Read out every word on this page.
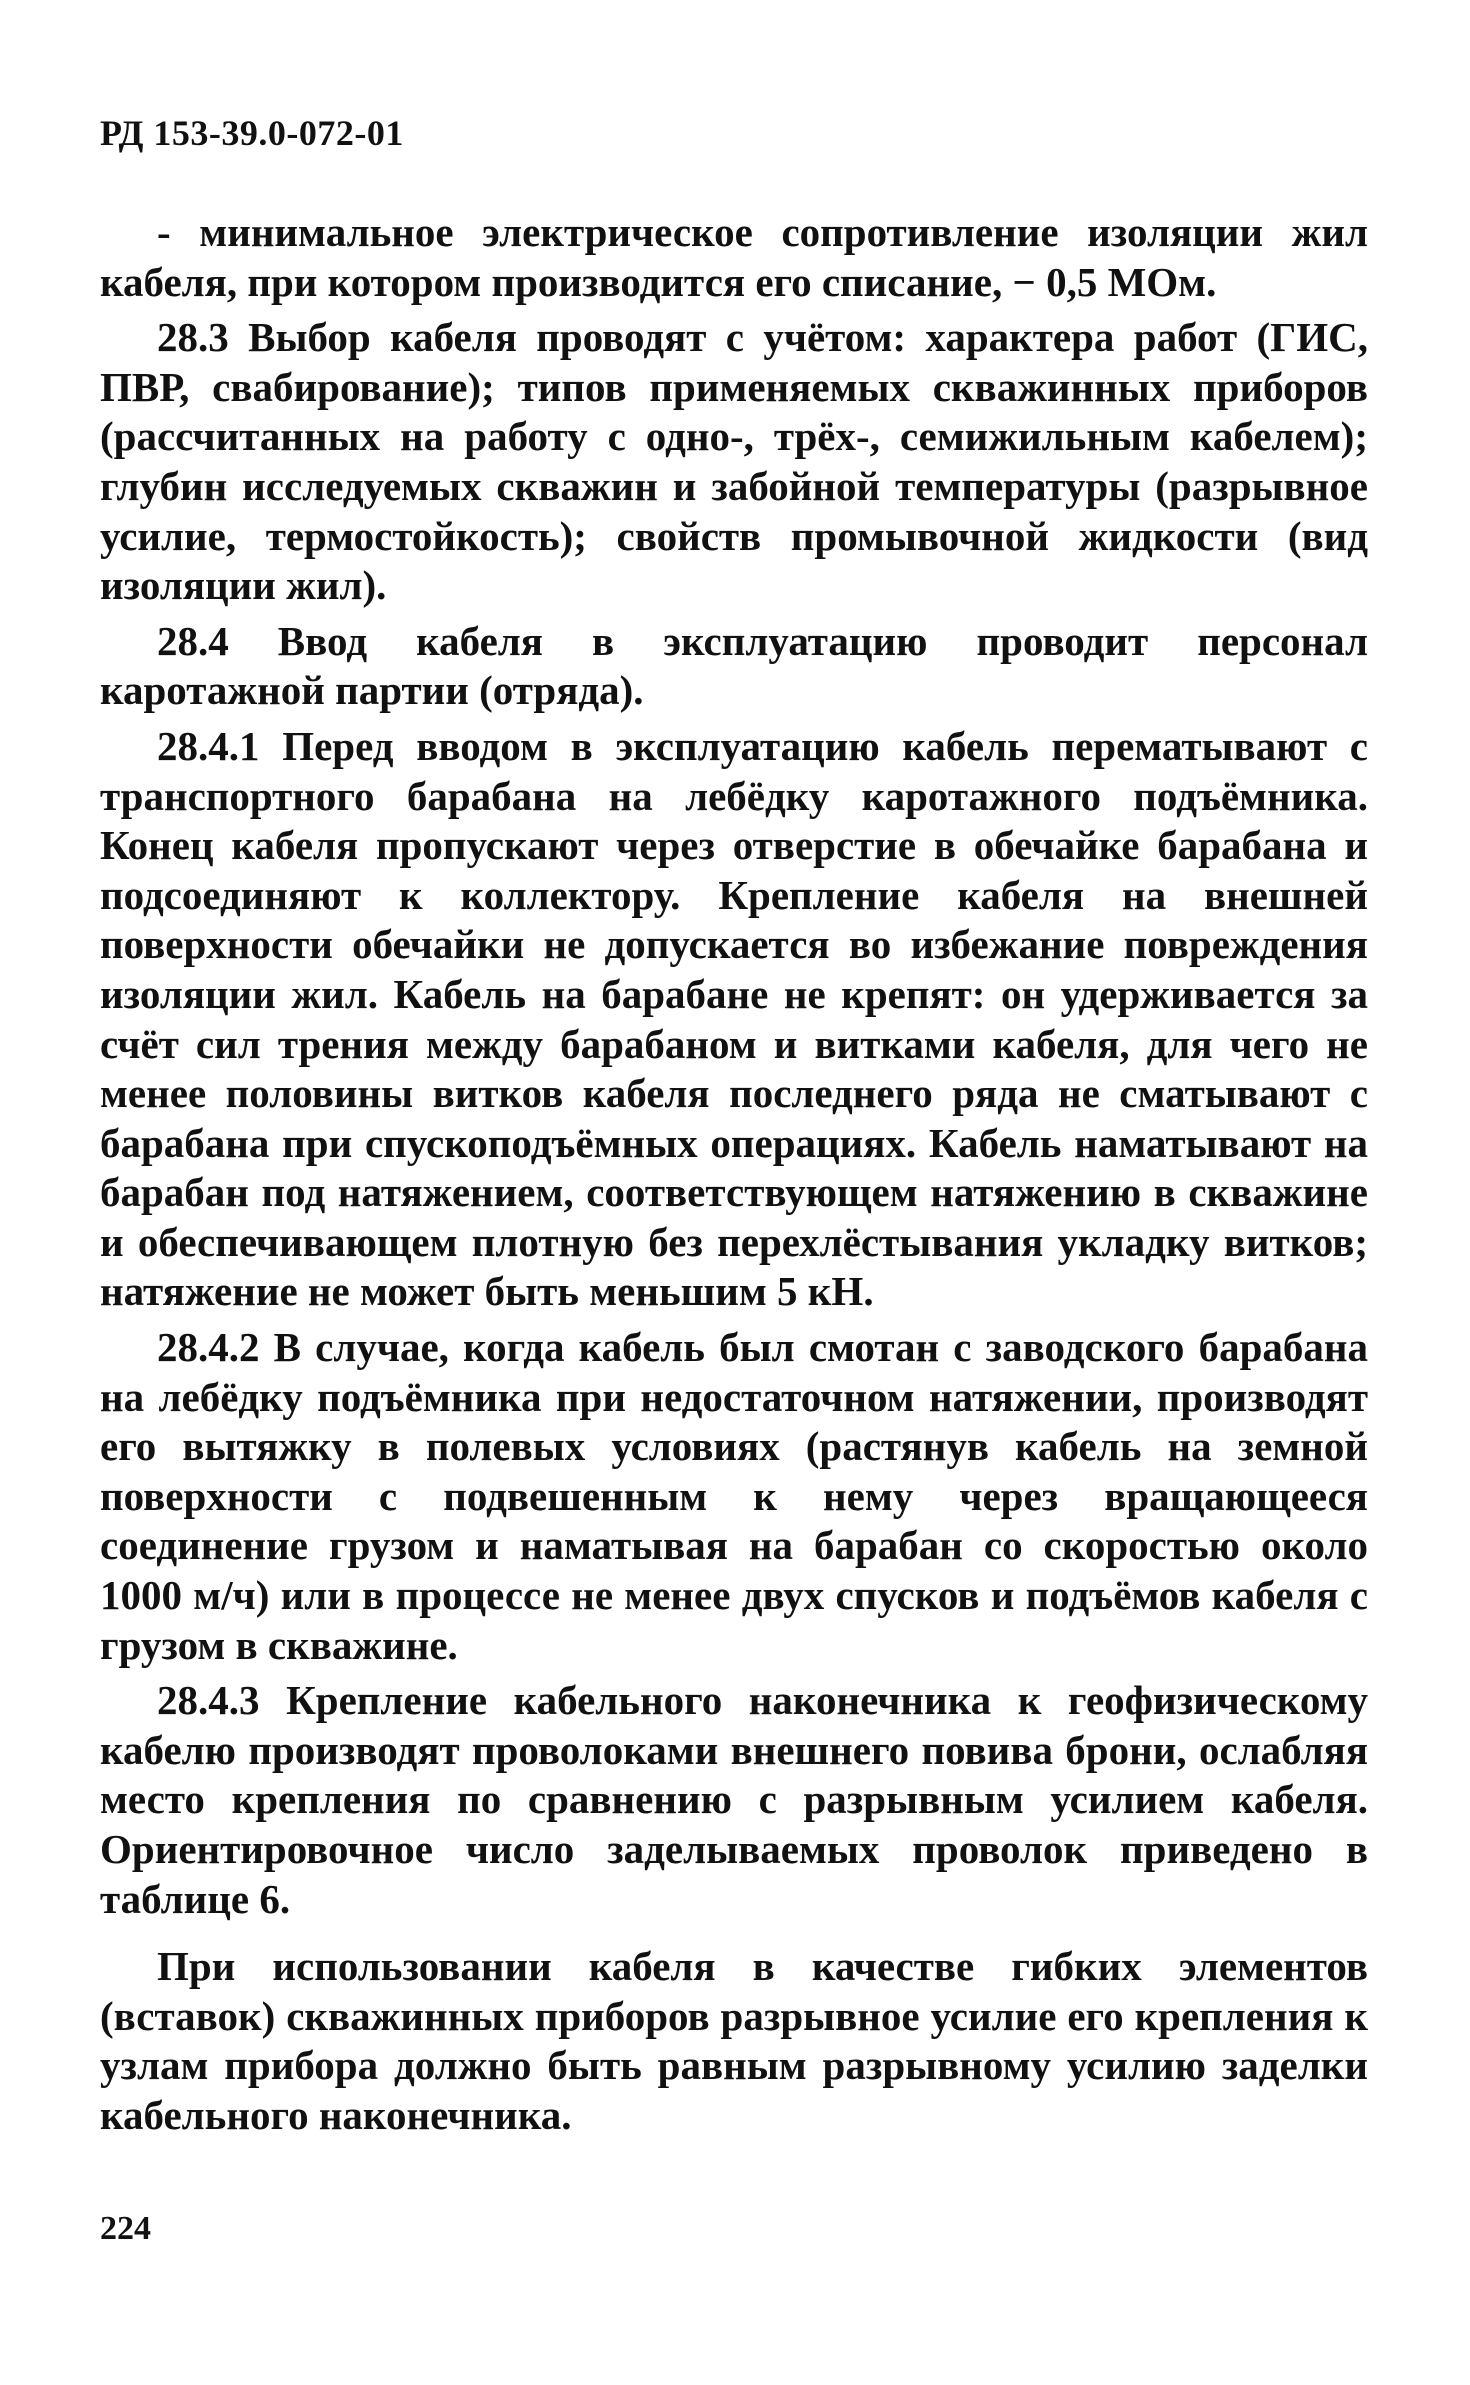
РД 153-39.0-072-01

- минимальное электрическое сопротивление изоляции жил кабеля, при котором производится его списание, − 0,5 МОм.

28.3 Выбор кабеля проводят с учётом: характера работ (ГИС, ПВР, свабирование); типов применяемых скважинных приборов (рассчитанных на работу с одно-, трёх-, семижильным кабелем); глубин исследуемых скважин и забойной температуры (разрывное усилие, термостойкость); свойств промывочной жидкости (вид изоляции жил).

28.4 Ввод кабеля в эксплуатацию проводит персонал каротажной партии (отряда).

28.4.1 Перед вводом в эксплуатацию кабель перематывают с транспортного барабана на лебёдку каротажного подъёмника. Конец кабеля пропускают через отверстие в обечайке барабана и подсоединяют к коллектору. Крепление кабеля на внешней поверхности обечайки не допускается во избежание повреждения изоляции жил. Кабель на барабане не крепят: он удерживается за счёт сил трения между барабаном и витками кабеля, для чего не менее половины витков кабеля последнего ряда не сматывают с барабана при спускоподъёмных операциях. Кабель наматывают на барабан под натяжением, соответствующем натяжению в скважине и обеспечивающем плотную без перехлёстывания укладку витков; натяжение не может быть меньшим 5 кН.

28.4.2 В случае, когда кабель был смотан с заводского барабана на лебёдку подъёмника при недостаточном натяжении, производят его вытяжку в полевых условиях (растянув кабель на земной поверхности с подвешенным к нему через вращающееся соединение грузом и наматывая на барабан со скоростью около 1000 м/ч) или в процессе не менее двух спусков и подъёмов кабеля с грузом в скважине.

28.4.3 Крепление кабельного наконечника к геофизическому кабелю производят проволоками внешнего повива брони, ослабляя место крепления по сравнению с разрывным усилием кабеля. Ориентировочное число заделываемых проволок приведено в таблице 6.

При использовании кабеля в качестве гибких элементов (вставок) скважинных приборов разрывное усилие его крепления к узлам прибора должно быть равным разрывному усилию заделки кабельного наконечника.

224
